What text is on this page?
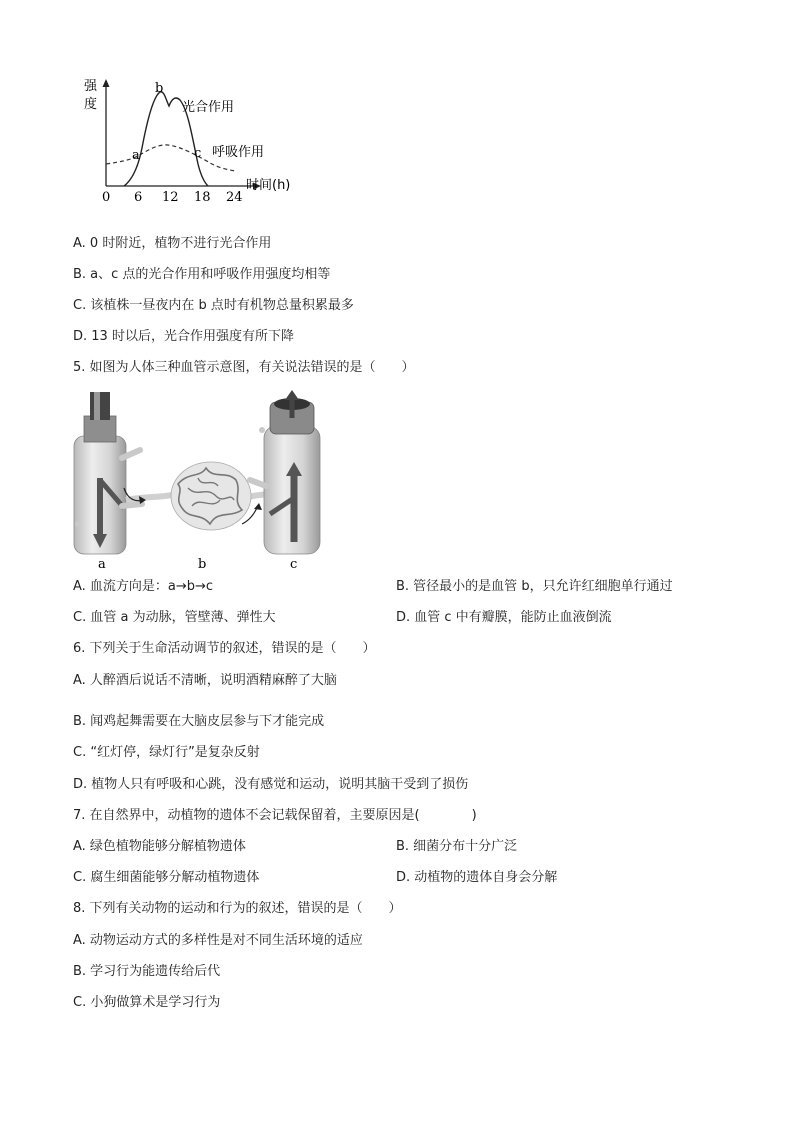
a
b
c
光合作用
呼吸作用
强
度
时间(h)
0 6 12 18 24
A. 0 时附近，植物不进行光合作用
B. a、c 点的光合作用和呼吸作用强度均相等
C. 该植株一昼夜内在 b 点时有机物总量积累最多
D. 13 时以后，光合作用强度有所下降
5. 如图为人体三种血管示意图，有关说法错误的是（　　）
a	b	c
A. 血流方向是：a→b→c	B. 管径最小的是血管 b，只允许红细胞单行通过
C. 血管 a 为动脉，管壁薄、弹性大	D. 血管 c 中有瓣膜，能防止血液倒流
6. 下列关于生命活动调节的叙述，错误的是（　　）
A. 人醉酒后说话不清晰，说明酒精麻醉了大脑
B. 闻鸡起舞需要在大脑皮层参与下才能完成
C. “红灯停，绿灯行”是复杂反射
D. 植物人只有呼吸和心跳，没有感觉和运动，说明其脑干受到了损伤
7. 在自然界中，动植物的遗体不会记载保留着，主要原因是(　　　　)
A. 绿色植物能够分解植物遗体	B. 细菌分布十分广泛
C. 腐生细菌能够分解动植物遗体	D. 动植物的遗体自身会分解
8. 下列有关动物的运动和行为的叙述，错误的是（　　）
A. 动物运动方式的多样性是对不同生活环境的适应
B. 学习行为能遗传给后代
C. 小狗做算术是学习行为
